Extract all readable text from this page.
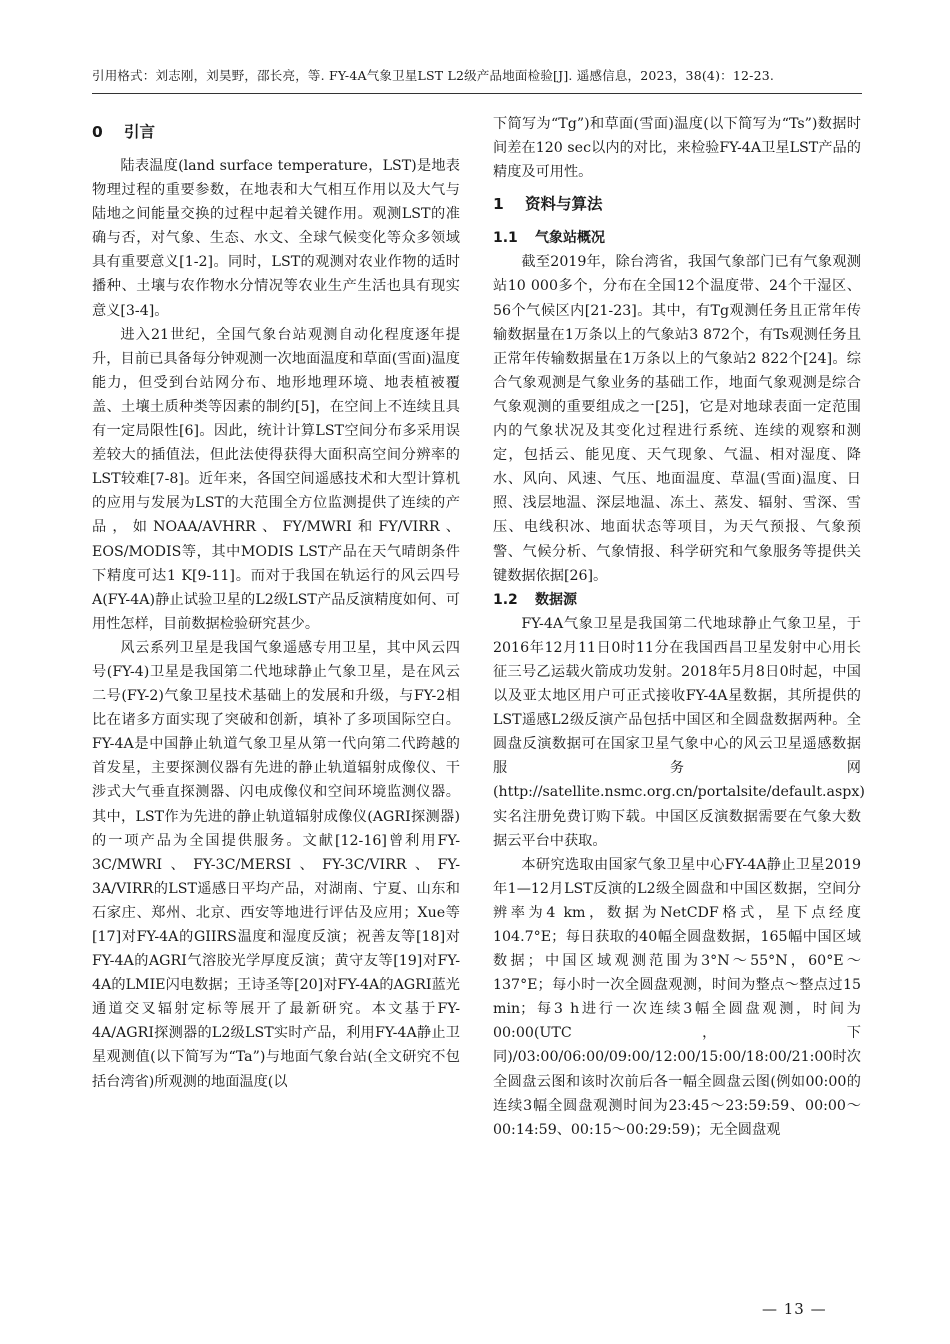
引用格式：刘志刚，刘昊野，邵长亮，等. FY-4A气象卫星LST L2级产品地面检验[J]. 遥感信息，2023，38(4)：12-23.
0 引言

陆表温度(land surface temperature，LST)是地表物理过程的重要参数，在地表和大气相互作用以及大气与陆地之间能量交换的过程中起着关键作用。观测LST的准确与否，对气象、生态、水文、全球气候变化等众多领域具有重要意义[1-2]。同时，LST的观测对农业作物的适时播种、土壤与农作物水分情况等农业生产生活也具有现实意义[3-4]。

进入21世纪，全国气象台站观测自动化程度逐年提升，目前已具备每分钟观测一次地面温度和草面(雪面)温度能力，但受到台站网分布、地形地理环境、地表植被覆盖、土壤土质种类等因素的制约[5]，在空间上不连续且具有一定局限性[6]。因此，统计计算LST空间分布多采用误差较大的插值法，但此法使得获得大面积高空间分辨率的LST较难[7-8]。近年来，各国空间遥感技术和大型计算机的应用与发展为LST的大范围全方位监测提供了连续的产品，如NOAA/AVHRR、FY/MWRI和FY/VIRR、EOS/MODIS等，其中MODIS LST产品在天气晴朗条件下精度可达1 K[9-11]。而对于我国在轨运行的风云四号A(FY-4A)静止试验卫星的L2级LST产品反演精度如何、可用性怎样，目前数据检验研究甚少。

风云系列卫星是我国气象遥感专用卫星，其中风云四号(FY-4)卫星是我国第二代地球静止气象卫星，是在风云二号(FY-2)气象卫星技术基础上的发展和升级，与FY-2相比在诸多方面实现了突破和创新，填补了多项国际空白。FY-4A是中国静止轨道气象卫星从第一代向第二代跨越的首发星，主要探测仪器有先进的静止轨道辐射成像仪、干涉式大气垂直探测器、闪电成像仪和空间环境监测仪器。其中，LST作为先进的静止轨道辐射成像仪(AGRI探测器)的一项产品为全国提供服务。文献[12-16]曾利用FY-3C/MWRI、FY-3C/MERSI、FY-3C/VIRR、FY-3A/VIRR的LST遥感日平均产品，对湖南、宁夏、山东和石家庄、郑州、北京、西安等地进行评估及应用；Xue等[17]对FY-4A的GIIRS温度和湿度反演；祝善友等[18]对FY-4A的AGRI气溶胶光学厚度反演；黄守友等[19]对FY-4A的LMIE闪电数据；王诗圣等[20]对FY-4A的AGRI蓝光通道交叉辐射定标等展开了最新研究。本文基于FY-4A/AGRI探测器的L2级LST实时产品，利用FY-4A静止卫星观测值(以下简写为“Ta”)与地面气象台站(全文研究不包括台湾省)所观测的地面温度(以

下简写为“Tg”)和草面(雪面)温度(以下简写为“Ts”)数据时间差在120 sec以内的对比，来检验FY-4A卫星LST产品的精度及可用性。

1 资料与算法
1.1 气象站概况

截至2019年，除台湾省，我国气象部门已有气象观测站10 000多个，分布在全国12个温度带、24个干湿区、56个气候区内[21-23]。其中，有Tg观测任务且正常年传输数据量在1万条以上的气象站3 872个，有Ts观测任务且正常年传输数据量在1万条以上的气象站2 822个[24]。综合气象观测是气象业务的基础工作，地面气象观测是综合气象观测的重要组成之一[25]，它是对地球表面一定范围内的气象状况及其变化过程进行系统、连续的观察和测定，包括云、能见度、天气现象、气温、相对湿度、降水、风向、风速、气压、地面温度、草温(雪面)温度、日照、浅层地温、深层地温、冻土、蒸发、辐射、雪深、雪压、电线积冰、地面状态等项目，为天气预报、气象预警、气候分析、气象情报、科学研究和气象服务等提供关键数据依据[26]。

1.2 数据源

FY-4A气象卫星是我国第二代地球静止气象卫星，于2016年12月11日0时11分在我国西昌卫星发射中心用长征三号乙运载火箭成功发射。2018年5月8日0时起，中国以及亚太地区用户可正式接收FY-4A星数据，其所提供的LST遥感L2级反演产品包括中国区和全圆盘数据两种。全圆盘反演数据可在国家卫星气象中心的风云卫星遥感数据服务网(http://satellite.nsmc.org.cn/portalsite/default.aspx)实名注册免费订购下载。中国区反演数据需要在气象大数据云平台中获取。

本研究选取由国家气象卫星中心FY-4A静止卫星2019年1—12月LST反演的L2级全圆盘和中国区数据，空间分辨率为4 km，数据为NetCDF格式，星下点经度104.7°E；每日获取的40幅全圆盘数据，165幅中国区域数据；中国区域观测范围为3°N～55°N，60°E～137°E；每小时一次全圆盘观测，时间为整点～整点过15 min；每3 h进行一次连续3幅全圆盘观测，时间为00:00(UTC，下同)/03:00/06:00/09:00/12:00/15:00/18:00/21:00时次全圆盘云图和该时次前后各一幅全圆盘云图(例如00:00的连续3幅全圆盘观测时间为23:45～23:59:59、00:00～00:14:59、00:15～00:29:59)；无全圆盘观

— 13 —
